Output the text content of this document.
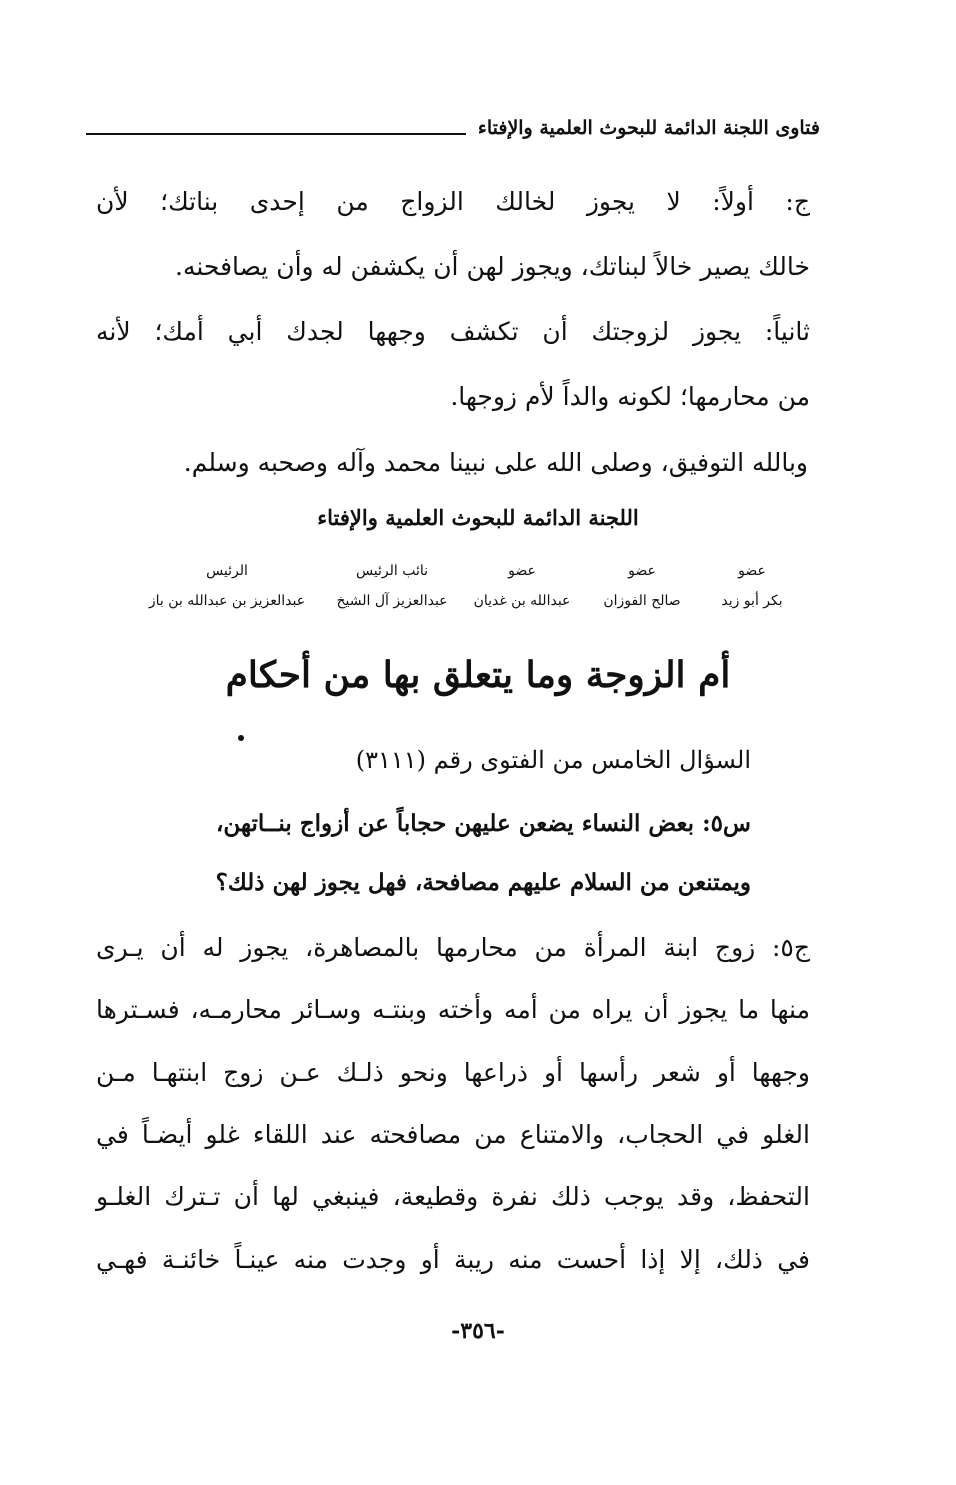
فتاوى اللجنة الدائمة للبحوث العلمية والإفتاء
ج: أولاً: لا يجوز لخالك الزواج من إحدى بناتك؛ لأن
خالك يصير خالاً لبناتك، ويجوز لهن أن يكشفن له وأن يصافحنه.
ثانياً: يجوز لزوجتك أن تكشف وجهها لجدك أبي أمك؛ لأنه
من محارمها؛ لكونه والداً لأم زوجها.
وبالله التوفيق، وصلى الله على نبينا محمد وآله وصحبه وسلم.
اللجنة الدائمة للبحوث العلمية والإفتاء
عضو
بكر أبو زيد
عضو
صالح الفوزان
عضو
عبدالله بن غديان
نائب الرئيس
عبدالعزيز آل الشيخ
الرئيس
عبدالعزيز بن عبدالله بن باز
أم الزوجة وما يتعلق بها من أحكام
السؤال الخامس من الفتوى رقم (٣١١١)
س٥: بعض النساء يضعن عليهن حجاباً عن أزواج بنــاتهن،
ويمتنعن من السلام عليهم مصافحة، فهل يجوز لهن ذلك؟
ج٥: زوج ابنة المرأة من محارمها بالمصاهرة، يجوز له أن يـرى
منها ما يجوز أن يراه من أمه وأخته وبنتـه وسـائر محارمـه، فسـترها
وجهها أو شعر رأسها أو ذراعها ونحو ذلـك عـن زوج ابنتهـا مـن
الغلو في الحجاب، والامتناع من مصافحته عند اللقاء غلو أيضـاً في
التحفظ، وقد يوجب ذلك نفرة وقطيعة، فينبغي لها أن تـترك الغلـو
في ذلك، إلا إذا أحست منه ريبة أو وجدت منه عينـاً خائنـة فهـي
-٣٥٦-
